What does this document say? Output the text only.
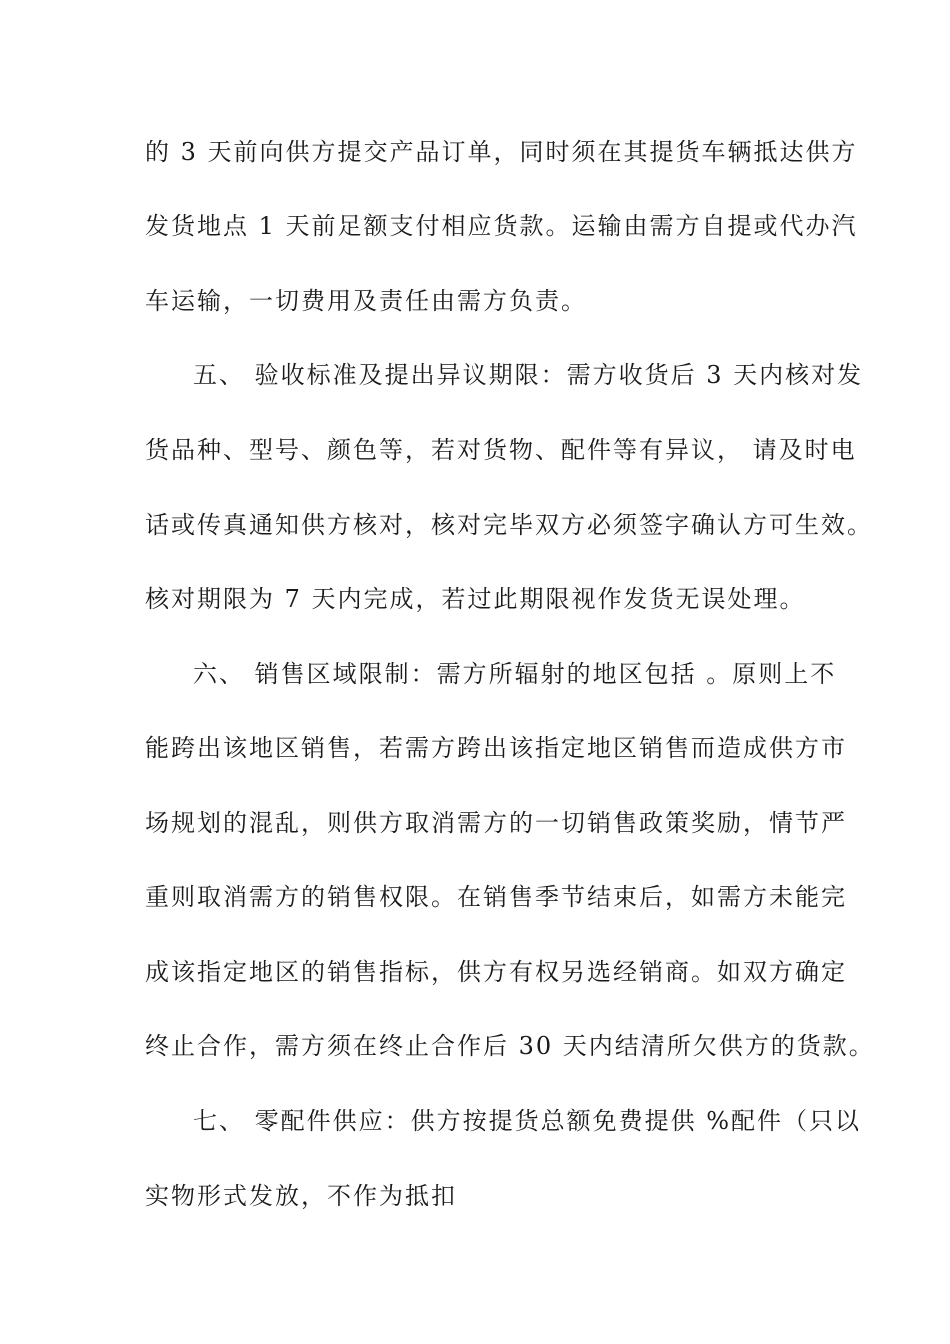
的 3 天前向供方提交产品订单，同时须在其提货车辆抵达供方
发货地点 1 天前足额支付相应货款。运输由需方自提或代办汽
车运输，一切费用及责任由需方负责。
五、 验收标准及提出异议期限：需方收货后 3 天内核对发
货品种、型号、颜色等，若对货物、配件等有异议， 请及时电
话或传真通知供方核对，核对完毕双方必须签字确认方可生效。
核对期限为 7 天内完成，若过此期限视作发货无误处理。
六、 销售区域限制：需方所辐射的地区包括 。原则上不
能跨出该地区销售，若需方跨出该指定地区销售而造成供方市
场规划的混乱，则供方取消需方的一切销售政策奖励，情节严
重则取消需方的销售权限。在销售季节结束后，如需方未能完
成该指定地区的销售指标，供方有权另选经销商。如双方确定
终止合作，需方须在终止合作后 30 天内结清所欠供方的货款。
七、 零配件供应：供方按提货总额免费提供 %配件（只以
实物形式发放，不作为抵扣
